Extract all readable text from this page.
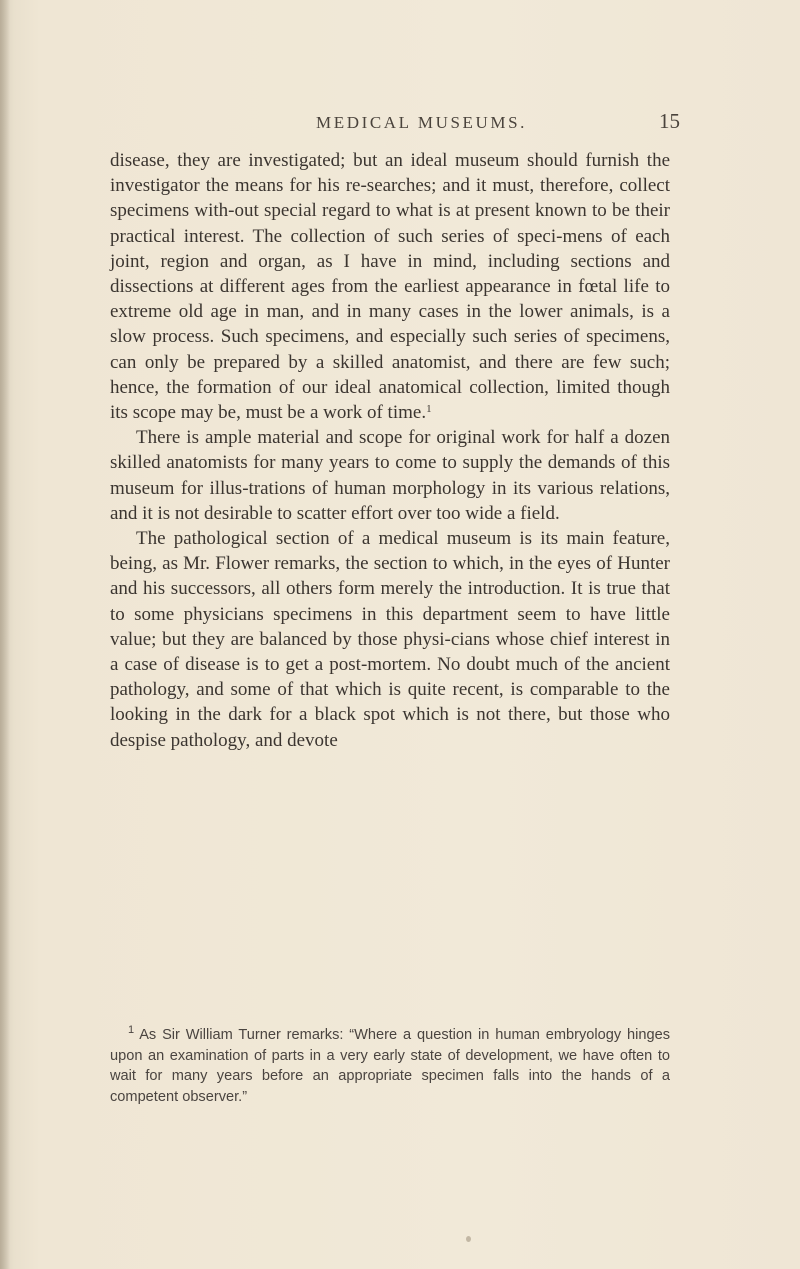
MEDICAL MUSEUMS.	15

disease, they are investigated; but an ideal museum should furnish the investigator the means for his re-searches; and it must, therefore, collect specimens with-out special regard to what is at present known to be their practical interest. The collection of such series of speci-mens of each joint, region and organ, as I have in mind, including sections and dissections at different ages from the earliest appearance in fœtal life to extreme old age in man, and in many cases in the lower animals, is a slow process. Such specimens, and especially such series of specimens, can only be prepared by a skilled anatomist, and there are few such; hence, the formation of our ideal anatomical collection, limited though its scope may be, must be a work of time.$^1$

There is ample material and scope for original work for half a dozen skilled anatomists for many years to come to supply the demands of this museum for illus-trations of human morphology in its various relations, and it is not desirable to scatter effort over too wide a field.

The pathological section of a medical museum is its main feature, being, as Mr. Flower remarks, the section to which, in the eyes of Hunter and his successors, all others form merely the introduction. It is true that to some physicians specimens in this department seem to have little value; but they are balanced by those physi-cians whose chief interest in a case of disease is to get a post-mortem. No doubt much of the ancient pathology, and some of that which is quite recent, is comparable to the looking in the dark for a black spot which is not there, but those who despise pathology, and devote

$^1$ As Sir William Turner remarks: “Where a question in human embryology hinges upon an examination of parts in a very early state of development, we have often to wait for many years before an appropriate specimen falls into the hands of a competent observer.”
